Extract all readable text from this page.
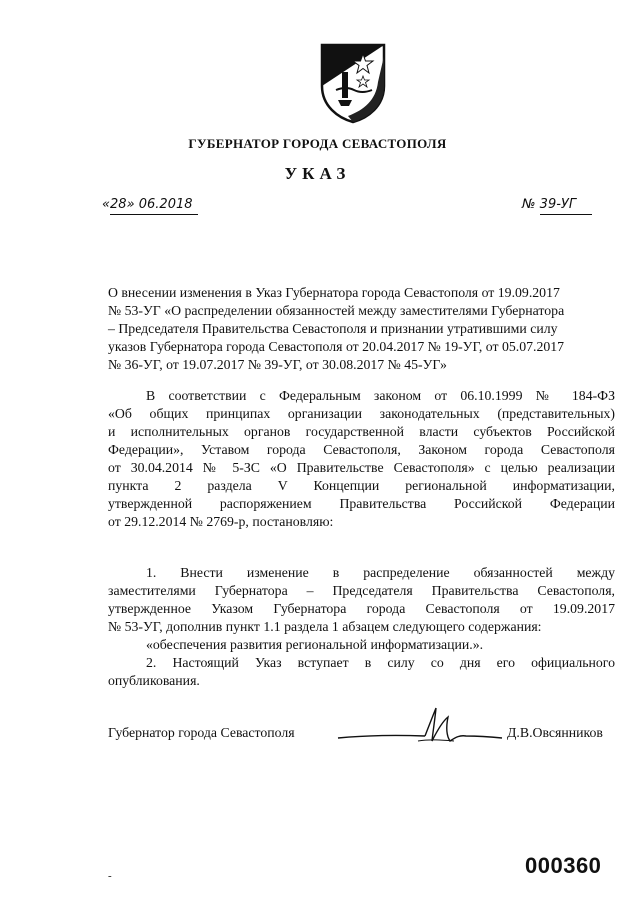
ГУБЕРНАТОР ГОРОДА СЕВАСТОПОЛЯ
УКАЗ
«28» 06.2018	№ 39-УГ
О внесении изменения в Указ Губернатора города Севастополя от 19.09.2017
№ 53-УГ «О распределении обязанностей между заместителями Губернатора
– Председателя Правительства Севастополя и признании утратившими силу
указов Губернатора города Севастополя от 20.04.2017 № 19-УГ, от 05.07.2017
№ 36-УГ, от 19.07.2017 № 39-УГ, от 30.08.2017 № 45-УГ»
В соответствии с Федеральным законом от 06.10.1999 № 184-ФЗ
«Об общих принципах организации законодательных (представительных)
и исполнительных органов государственной власти субъектов Российской
Федерации», Уставом города Севастополя, Законом города Севастополя
от 30.04.2014 № 5-ЗС «О Правительстве Севастополя» с целью реализации
пункта 2 раздела V Концепции региональной информатизации,
утвержденной распоряжением Правительства Российской Федерации
от 29.12.2014 № 2769-р, постановляю:
1. Внести изменение в распределение обязанностей между
заместителями Губернатора – Председателя Правительства Севастополя,
утвержденное Указом Губернатора города Севастополя от 19.09.2017
№ 53-УГ, дополнив пункт 1.1 раздела 1 абзацем следующего содержания:
«обеспечения развития региональной информатизации.».
2. Настоящий Указ вступает в силу со дня его официального
опубликования.
Губернатор города Севастополя	Д.В.Овсянников
000360
-
